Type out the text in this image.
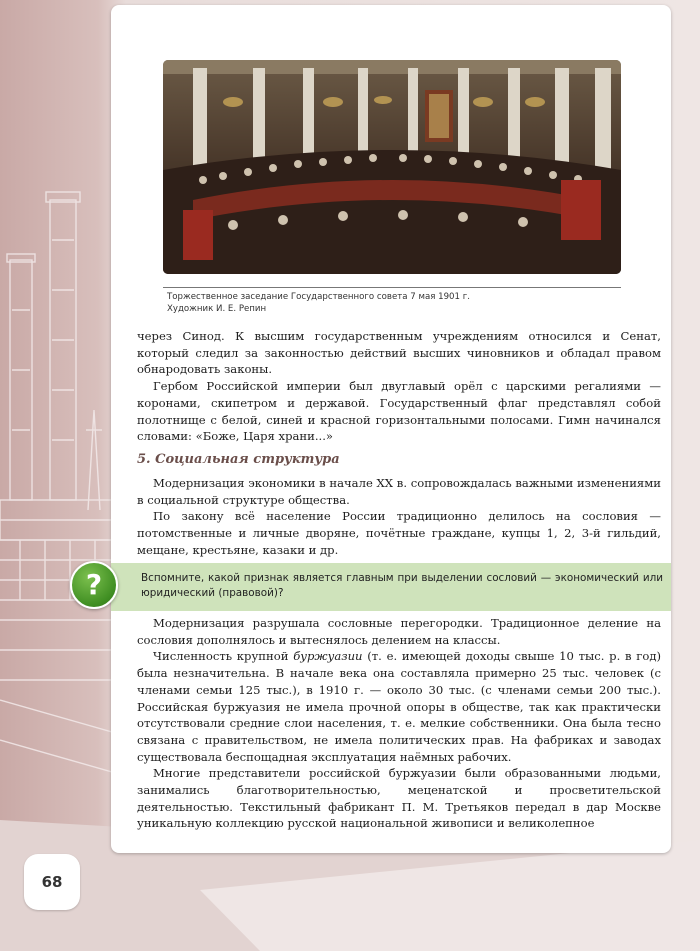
Торжественное заседание Государственного совета 7 мая 1901 г.
Художник И. Е. Репин

через Синод. К высшим государственным учреждениям относился и Сенат, который следил за законностью действий высших чиновников и обладал правом обнародовать законы.

Гербом Российской империи был двуглавый орёл с царскими регалиями — коронами, скипетром и державой. Государственный флаг представлял собой полотнище с белой, синей и красной горизонтальными полосами. Гимн начинался словами: «Боже, Царя храни...»

5. Социальная структура

Модернизация экономики в начале XX в. сопровождалась важными изменениями в социальной структуре общества.

По закону всё население России традиционно делилось на сословия — потомственные и личные дворяне, почётные граждане, купцы 1, 2, 3-й гильдий, мещане, крестьяне, казаки и др.

Вспомните, какой признак является главным при выделении сословий — экономический или юридический (правовой)?

Модернизация разрушала сословные перегородки. Традиционное деление на сословия дополнялось и вытеснялось делением на классы.

Численность крупной буржуазии (т. е. имеющей доходы свыше 10 тыс. р. в год) была незначительна. В начале века она составляла примерно 25 тыс. человек (с членами семьи 125 тыс.), в 1910 г. — около 30 тыс. (с членами семьи 200 тыс.). Российская буржуазия не имела прочной опоры в обществе, так как практически отсутствовали средние слои населения, т. е. мелкие собственники. Она была тесно связана с правительством, не имела политических прав. На фабриках и заводах существовала беспощадная эксплуатация наёмных рабочих.

Многие представители российской буржуазии были образованными людьми, занимались благотворительностью, меценатской и просветительской деятельностью. Текстильный фабрикант П. М. Третьяков передал в дар Москве уникальную коллекцию русской национальной живописи и великолепное

?
68
